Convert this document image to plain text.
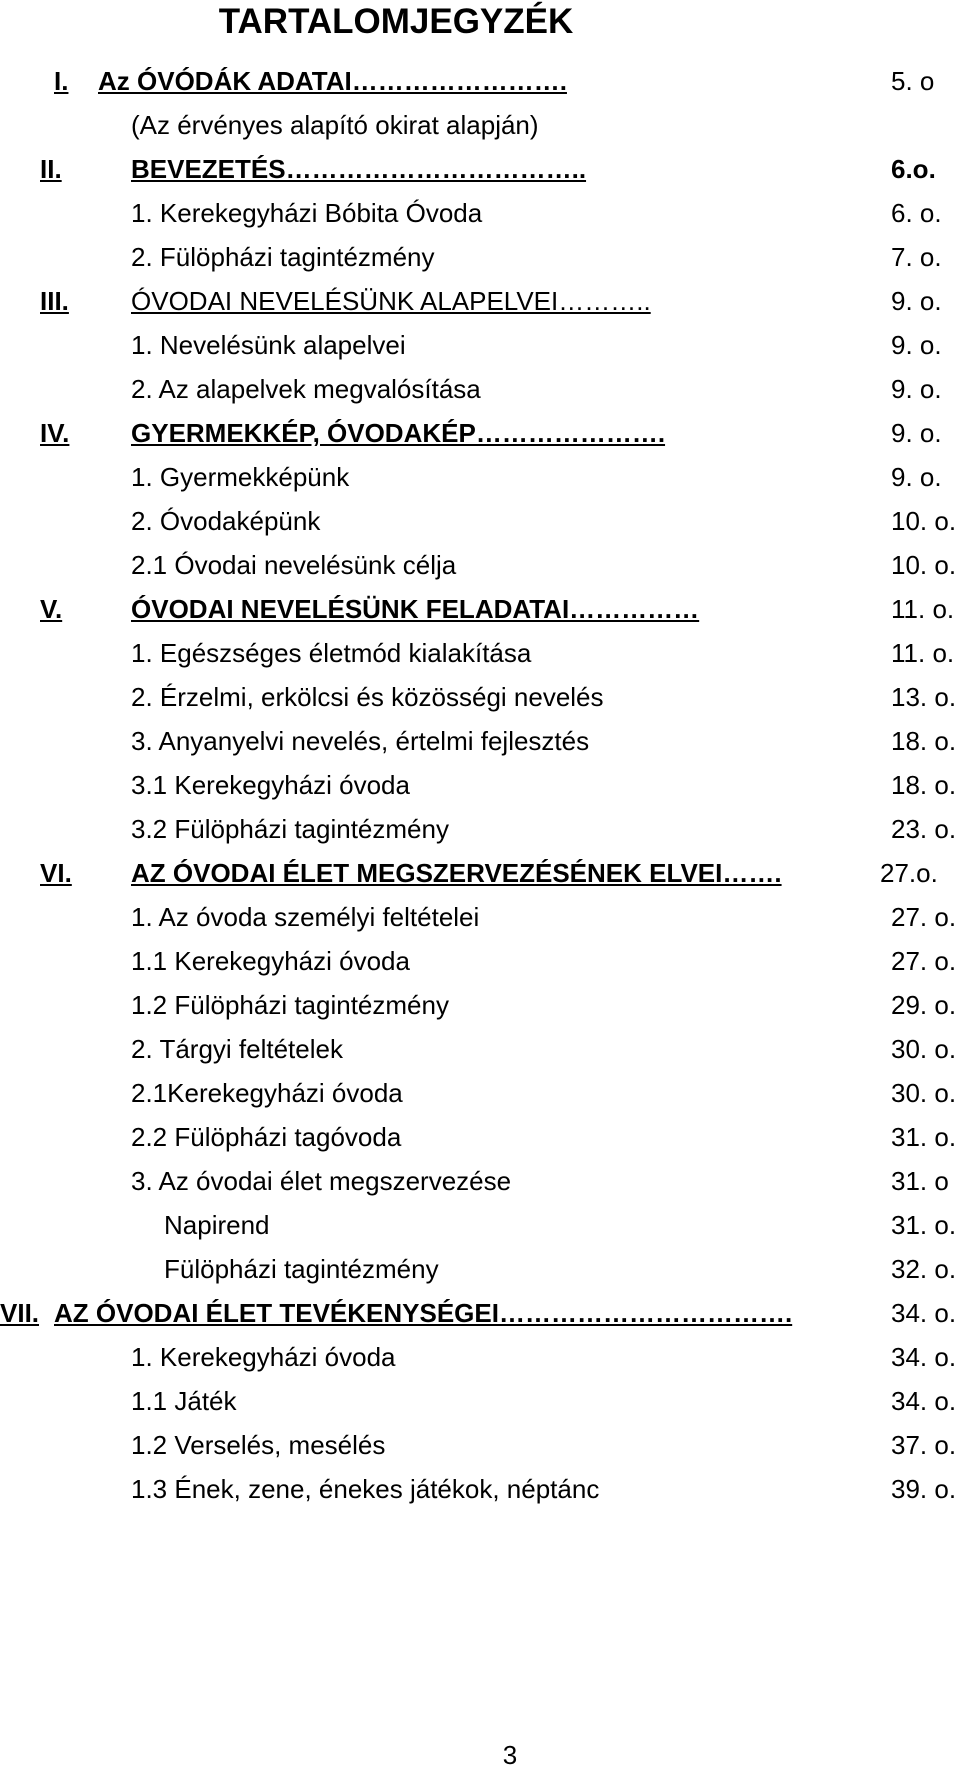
TARTALOMJEGYZÉK
I. Az ÓVÓDÁK ADATAI…………………….	5. o
(Az érvényes alapító okirat alapján)
II.	BEVEZETÉS……………………………..	6.o.
1. Kerekegyházi Bóbita Óvoda	6. o.
2. Fülöpházi tagintézmény	7. o.
III. ÓVODAI NEVELÉSÜNK ALAPELVEI………..	9. o.
1. Nevelésünk alapelvei	9. o.
2. Az alapelvek megvalósítása	9. o.
IV. GYERMEKKÉP, ÓVODAKÉP………………….	9. o.
1. Gyermekképünk	9. o.
2. Óvodaképünk	10. o.
2.1 Óvodai nevelésünk célja	10. o.
V.	ÓVODAI NEVELÉSÜNK FELADATAI……………	11. o.
1. Egészséges életmód kialakítása	11. o.
2. Érzelmi, erkölcsi és közösségi nevelés	13. o.
3. Anyanyelvi nevelés, értelmi fejlesztés	18. o.
3.1 Kerekegyházi óvoda	18. o.
3.2 Fülöpházi tagintézmény	23. o.
VI. AZ ÓVODAI ÉLET MEGSZERVEZÉSÉNEK ELVEI…….	27.o.
1. Az óvoda személyi feltételei	27. o.
1.1 Kerekegyházi óvoda	27. o.
1.2 Fülöpházi tagintézmény	29. o.
2. Tárgyi feltételek	30. o.
2.1Kerekegyházi óvoda	30. o.
2.2 Fülöpházi tagóvoda	31. o.
3. Az óvodai élet megszervezése	31. o
Napirend	31. o.
Fülöpházi tagintézmény	32. o.
VII. AZ ÓVODAI ÉLET TEVÉKENYSÉGEI…………………………….	34. o.
1. Kerekegyházi óvoda	34. o.
1.1 Játék	34. o.
1.2 Verselés, mesélés	37. o.
1.3 Ének, zene, énekes játékok, néptánc	39. o.
3
